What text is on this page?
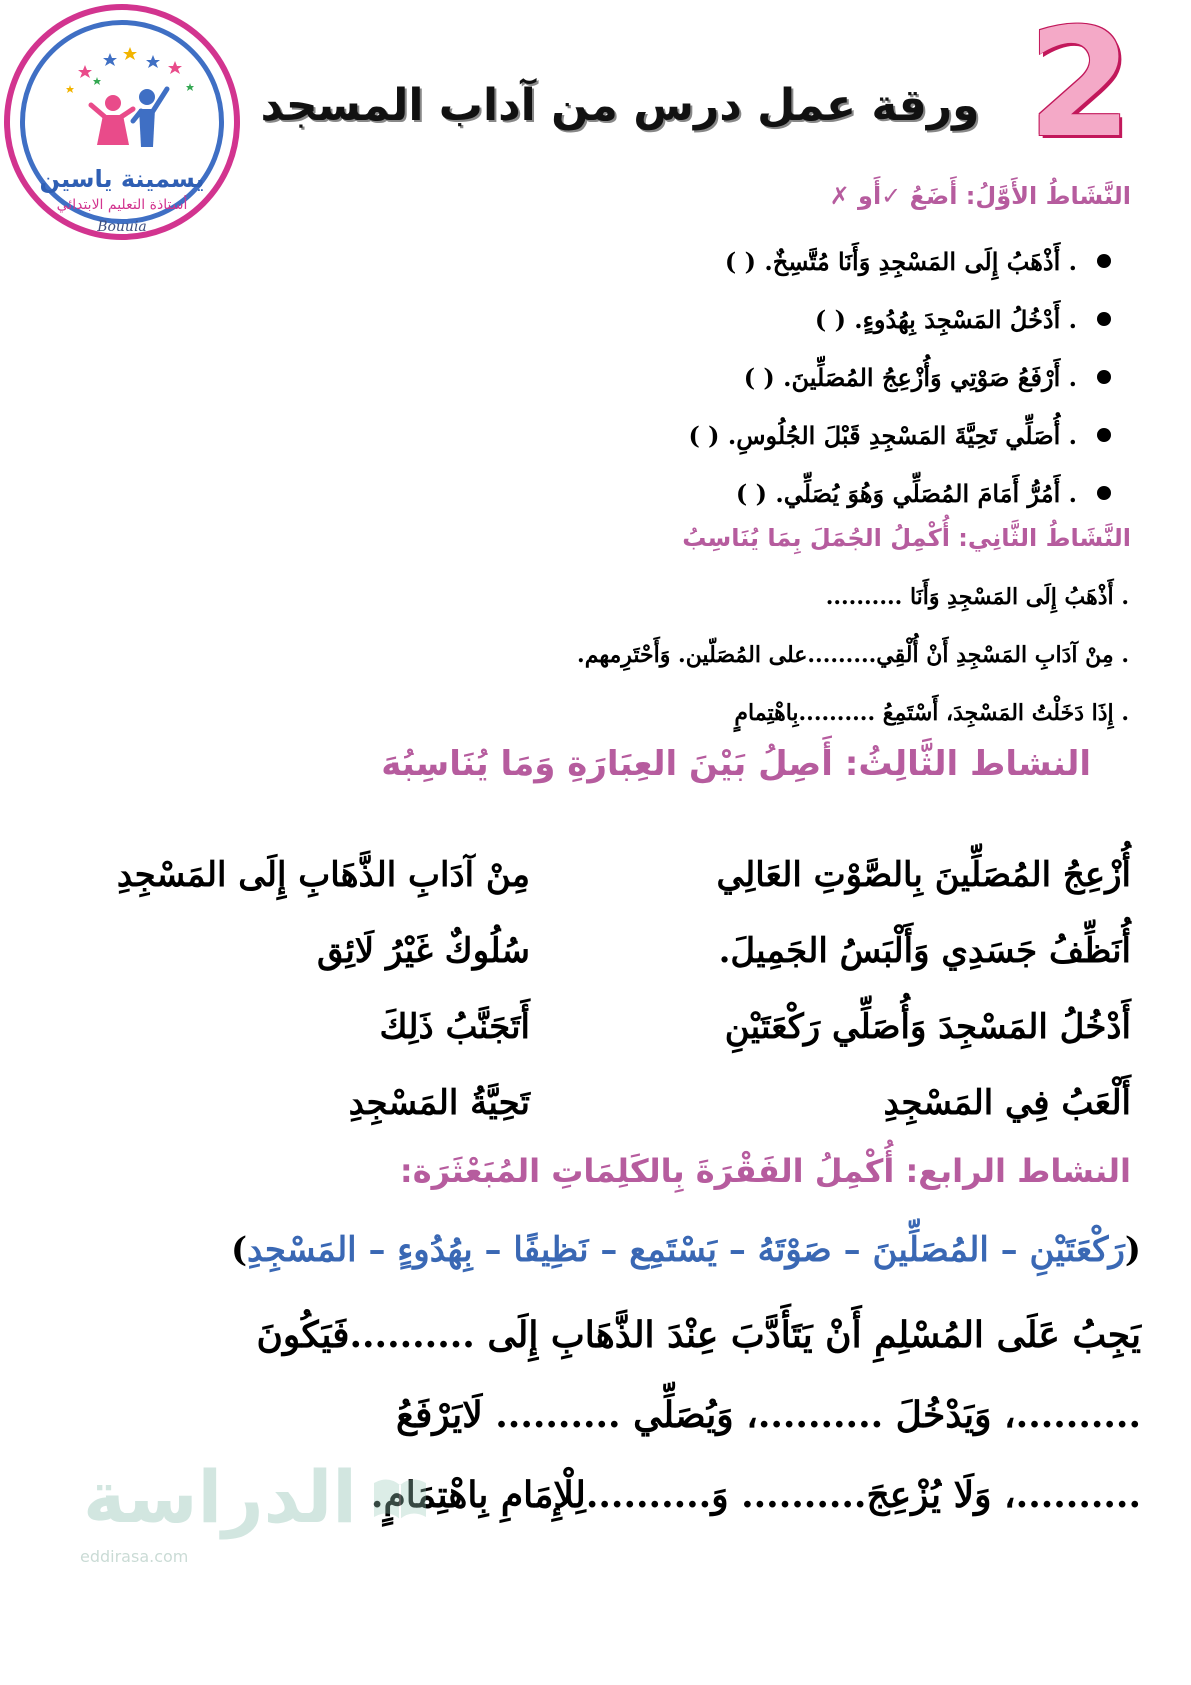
يسمينة ياسين
أستاذة التعليم الابتدائي
Bouuia
ورقة عمل درس من آداب المسجد 2
النَّشَاطُ الأَوَّلُ: أَضَعُ ✓أَو ✗
. أَذْهَبُ إِلَى المَسْجِدِ وَأَنَا مُتَّسِخٌ. ( )
. أَدْخُلُ المَسْجِدَ بِهُدُوءٍ. ( )
. أَرْفَعُ صَوْتِي وَأُزْعِجُ المُصَلِّينَ. ( )
. أُصَلِّي تَحِيَّةَ المَسْجِدِ قَبْلَ الجُلُوسِ. ( )
. أَمُرُّ أَمَامَ المُصَلِّي وَهُوَ يُصَلِّي. ( )
النَّشَاطُ الثَّانِي: أُكْمِلُ الجُمَلَ بِمَا يُنَاسِبُ
. أَذْهَبُ إِلَى المَسْجِدِ وَأَنَا ..........
. مِنْ آدَابِ المَسْجِدِ أَنْ أُلْقِي.........على المُصَلّين. وَأَحْتَرِمهم.
. إِذَا دَخَلْتُ المَسْجِدَ، أَسْتَمِعُ ..........بِاهْتِمامٍ
النشاط الثَّالِثُ: أَصِلُ بَيْنَ العِبَارَةِ وَمَا يُنَاسِبُهَ
أُزْعِجُ المُصَلِّينَ بِالصَّوْتِ العَالِي
أُنَظِّفُ جَسَدِي وَأَلْبَسُ الجَمِيلَ.
أَدْخُلُ المَسْجِدَ وَأُصَلِّي رَكْعَتَيْنِ
أَلْعَبُ فِي المَسْجِدِ
مِنْ آدَابِ الذَّهَابِ إِلَى المَسْجِدِ
سُلُوكٌ غَيْرُ لَائِق
أَتَجَنَّبُ ذَلِكَ
تَحِيَّةُ المَسْجِدِ
النشاط الرابع: أُكْمِلُ الفَقْرَةَ بِالكَلِمَاتِ المُبَعْثَرَة:
(رَكْعَتَيْنِ – المُصَلِّينَ – صَوْتَهُ – يَسْتَمِع – نَظِيفًا – بِهُدُوءٍ – المَسْجِدِ)
يَجِبُ عَلَى المُسْلِمِ أَنْ يَتَأَدَّبَ عِنْدَ الذَّهَابِ إِلَى ..........فَيَكُونَ
..........، وَيَدْخُلَ ..........، وَيُصَلِّي .......... لَايَرْفَعُ
..........، وَلَا يُزْعِجَ.......... وَ..........لِلْإِمَامِ بِاهْتِمَامٍ.
الدراسة
eddirasa.com
